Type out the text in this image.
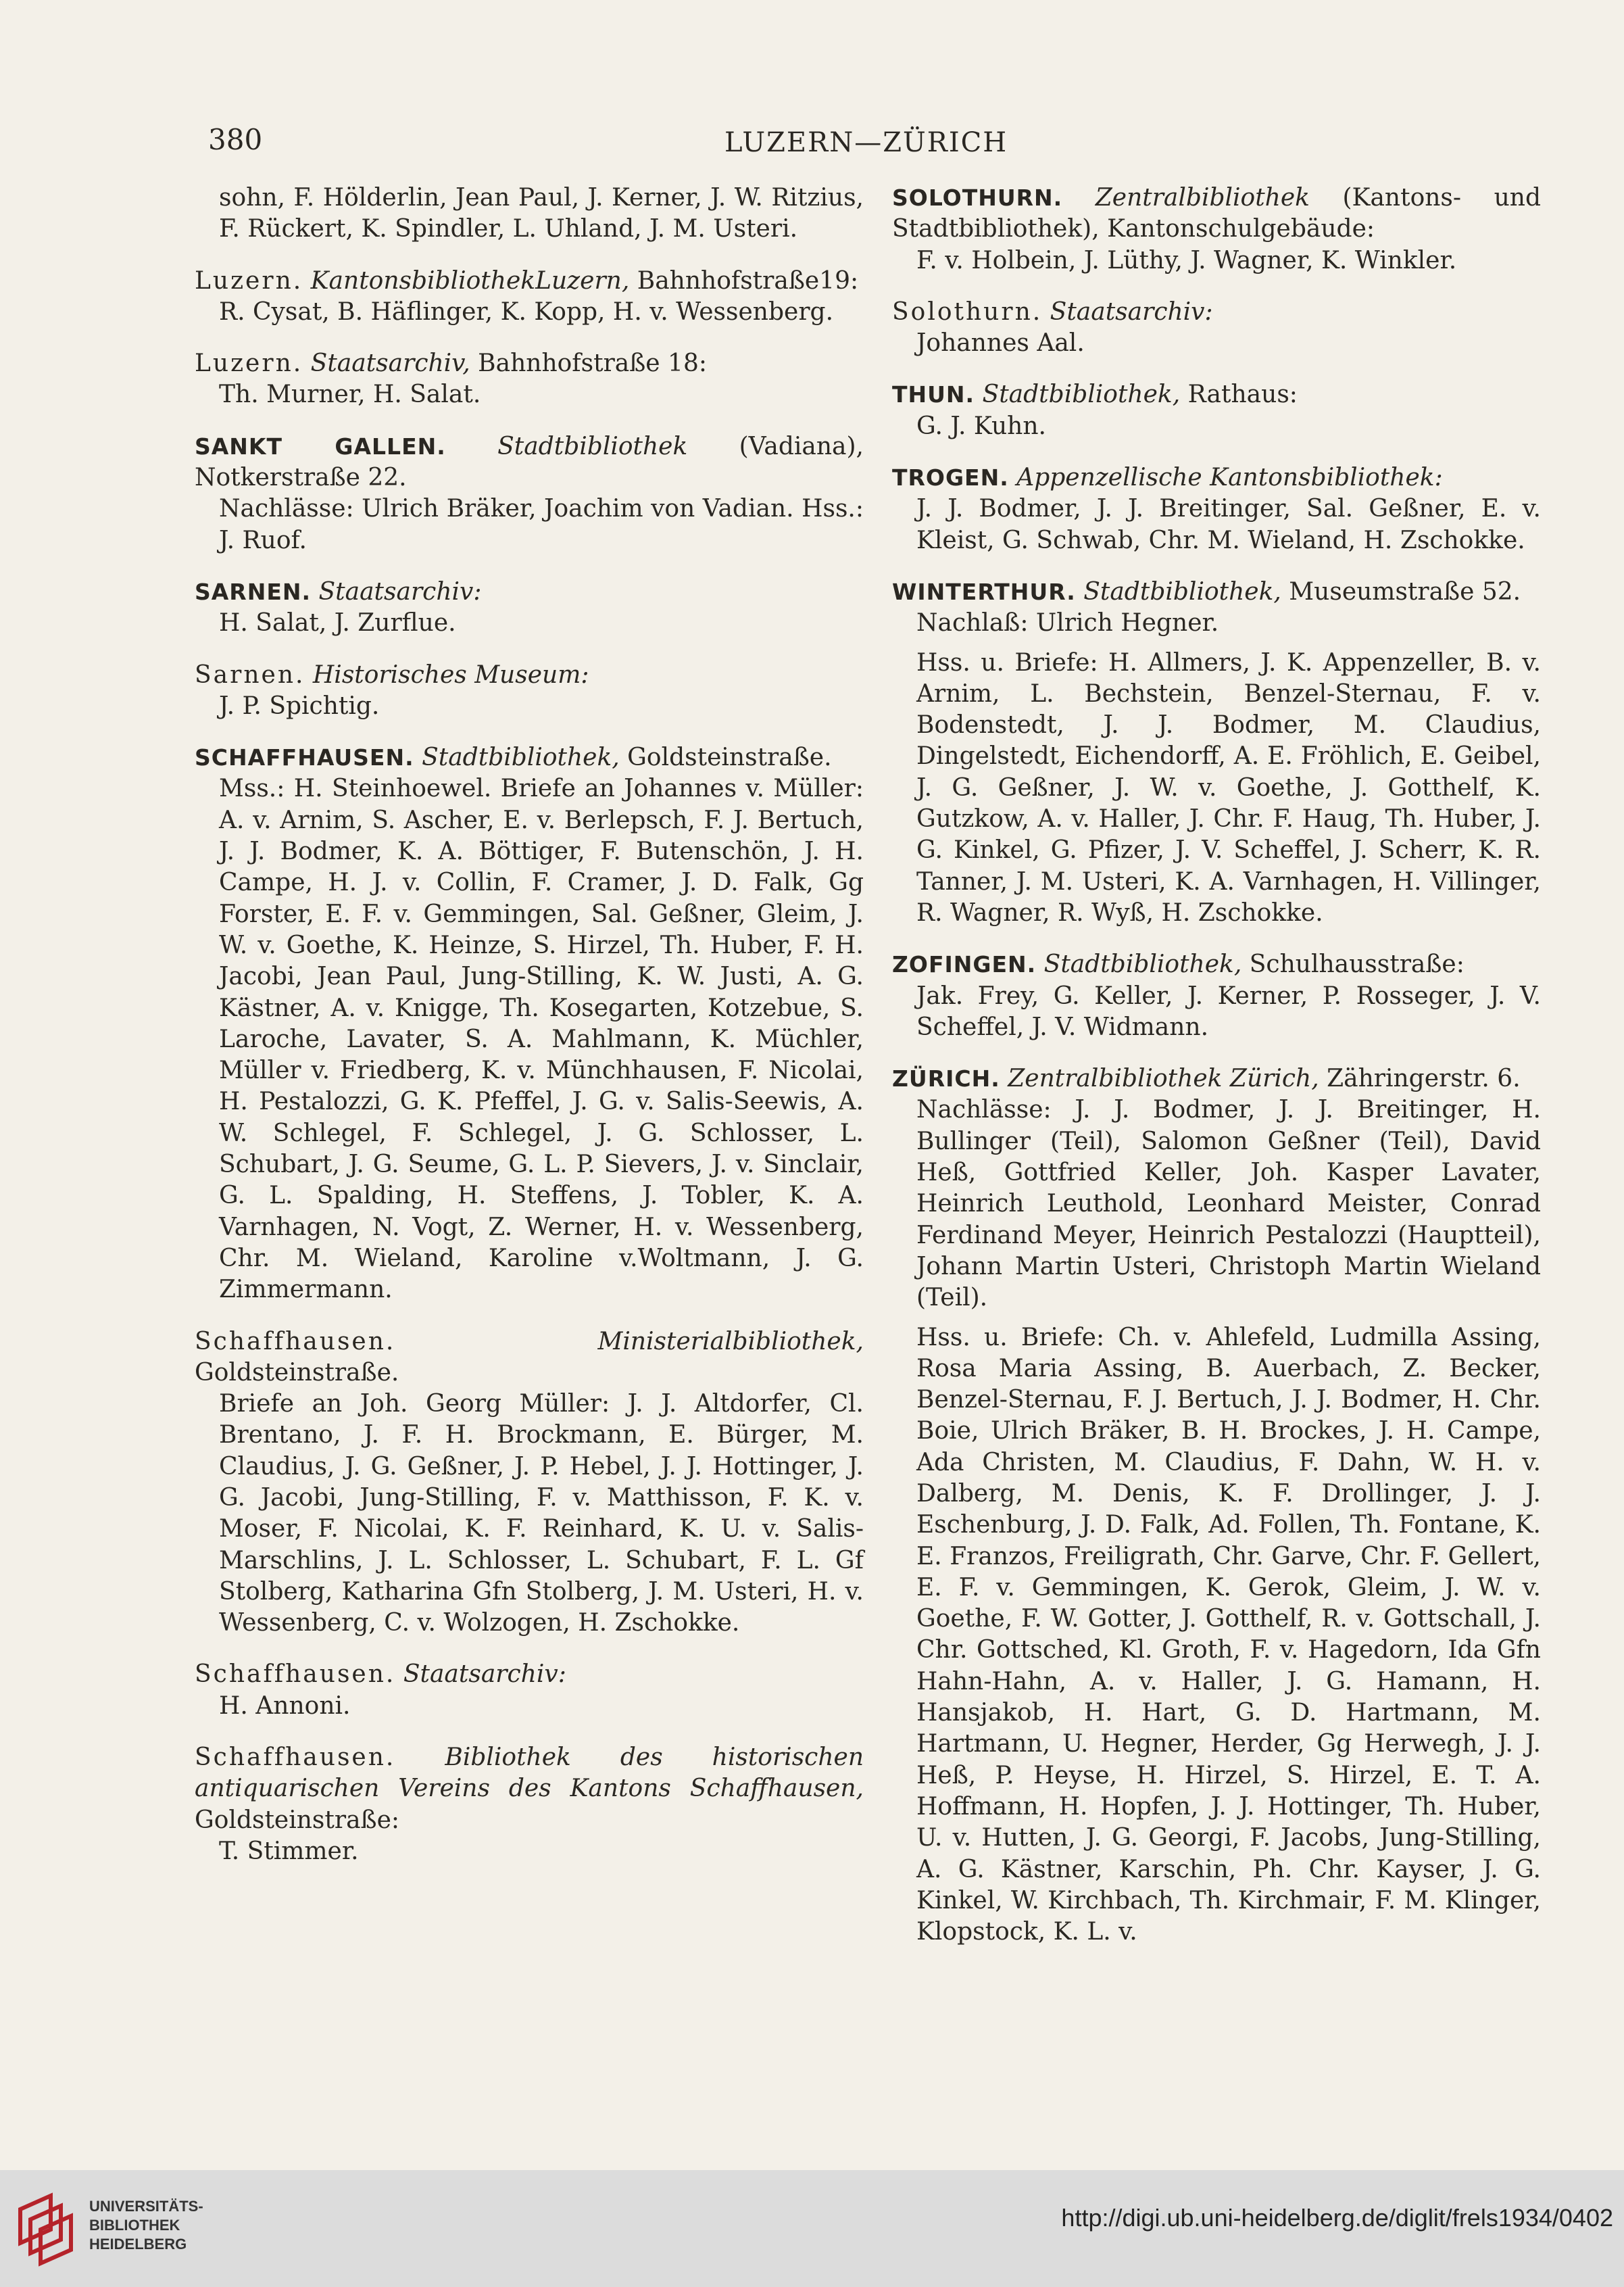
380	LUZERN—ZÜRICH
sohn, F. Hölderlin, Jean Paul, J. Kerner, J. W. Ritzius, F. Rückert, K. Spindler, L. Uhland, J. M. Usteri.
Luzern. KantonsbibliothekLuzern, Bahnhofstraße19:
R. Cysat, B. Häflinger, K. Kopp, H. v. Wessenberg.
Luzern. Staatsarchiv, Bahnhofstraße 18:
Th. Murner, H. Salat.
SANKT GALLEN. Stadtbibliothek (Vadiana), Notkerstraße 22.
Nachlässe: Ulrich Bräker, Joachim von Vadian. Hss.: J. Ruof.
SARNEN. Staatsarchiv:
H. Salat, J. Zurflue.
Sarnen. Historisches Museum:
J. P. Spichtig.
SCHAFFHAUSEN. Stadtbibliothek, Goldsteinstraße.
Mss.: H. Steinhoewel. Briefe an Johannes v. Müller: A. v. Arnim, S. Ascher, E. v. Berlepsch, F. J. Bertuch, J. J. Bodmer, K. A. Böttiger, F. Butenschön, J. H. Campe, H. J. v. Collin, F. Cramer, J. D. Falk, Gg Forster, E. F. v. Gemmingen, Sal. Geßner, Gleim, J. W. v. Goethe, K. Heinze, S. Hirzel, Th. Huber, F. H. Jacobi, Jean Paul, Jung-Stilling, K. W. Justi, A. G. Kästner, A. v. Knigge, Th. Kosegarten, Kotzebue, S. Laroche, Lavater, S. A. Mahlmann, K. Müchler, Müller v. Friedberg, K. v. Münchhausen, F. Nicolai, H. Pestalozzi, G. K. Pfeffel, J. G. v. Salis-Seewis, A. W. Schlegel, F. Schlegel, J. G. Schlosser, L. Schubart, J. G. Seume, G. L. P. Sievers, J. v. Sinclair, G. L. Spalding, H. Steffens, J. Tobler, K. A. Varnhagen, N. Vogt, Z. Werner, H. v. Wessenberg, Chr. M. Wieland, Karoline v.Woltmann, J. G. Zimmermann.
Schaffhausen.	Ministerialbibliothek, Goldsteinstraße.
Briefe an Joh. Georg Müller: J. J. Altdorfer, Cl. Brentano, J. F. H. Brockmann, E. Bürger, M. Claudius, J. G. Geßner, J. P. Hebel, J. J. Hottinger, J. G. Jacobi, Jung-Stilling, F. v. Matthisson, F. K. v. Moser, F. Nicolai, K. F. Reinhard, K. U. v. Salis-Marschlins, J. L. Schlosser, L. Schubart, F. L. Gf Stolberg, Katharina Gfn Stolberg, J. M. Usteri, H. v. Wessenberg, C. v. Wolzogen, H. Zschokke.
Schaffhausen. Staatsarchiv:
H. Annoni.
Schaffhausen. Bibliothek des historischen antiquarischen Vereins des Kantons Schaffhausen, Goldsteinstraße:
T. Stimmer.
SOLOTHURN. Zentralbibliothek (Kantons- und Stadtbibliothek), Kantonschulgebäude:
F. v. Holbein, J. Lüthy, J. Wagner, K. Winkler.
Solothurn. Staatsarchiv:
Johannes Aal.
THUN. Stadtbibliothek, Rathaus:
G. J. Kuhn.
TROGEN. Appenzellische Kantonsbibliothek:
J. J. Bodmer, J. J. Breitinger, Sal. Geßner, E. v. Kleist, G. Schwab, Chr. M. Wieland, H. Zschokke.
WINTERTHUR. Stadtbibliothek, Museumstraße 52.
Nachlaß: Ulrich Hegner.
Hss. u. Briefe: H. Allmers, J. K. Appenzeller, B. v. Arnim, L. Bechstein, Benzel-Sternau, F. v. Bodenstedt, J. J. Bodmer, M. Claudius, Dingelstedt, Eichendorff, A. E. Fröhlich, E. Geibel, J. G. Geßner, J. W. v. Goethe, J. Gotthelf, K. Gutzkow, A. v. Haller, J. Chr. F. Haug, Th. Huber, J. G. Kinkel, G. Pfizer, J. V. Scheffel, J. Scherr, K. R. Tanner, J. M. Usteri, K. A. Varnhagen, H. Villinger, R. Wagner, R. Wyß, H. Zschokke.
ZOFINGEN. Stadtbibliothek, Schulhausstraße:
Jak. Frey, G. Keller, J. Kerner, P. Rosseger, J. V. Scheffel, J. V. Widmann.
ZÜRICH. Zentralbibliothek Zürich, Zähringerstr. 6.
Nachlässe: J. J. Bodmer, J. J. Breitinger, H. Bullinger (Teil), Salomon Geßner (Teil), David Heß, Gottfried Keller, Joh. Kasper Lavater, Heinrich Leuthold, Leonhard Meister, Conrad Ferdinand Meyer, Heinrich Pestalozzi (Hauptteil), Johann Martin Usteri, Christoph Martin Wieland (Teil).
Hss. u. Briefe: Ch. v. Ahlefeld, Ludmilla Assing, Rosa Maria Assing, B. Auerbach, Z. Becker, Benzel-Sternau, F. J. Bertuch, J. J. Bodmer, H. Chr. Boie, Ulrich Bräker, B. H. Brockes, J. H. Campe, Ada Christen, M. Claudius, F. Dahn, W. H. v. Dalberg, M. Denis, K. F. Drollinger, J. J. Eschenburg, J. D. Falk, Ad. Follen, Th. Fontane, K. E. Franzos, Freiligrath, Chr. Garve, Chr. F. Gellert, E. F. v. Gemmingen, K. Gerok, Gleim, J. W. v. Goethe, F. W. Gotter, J. Gotthelf, R. v. Gottschall, J. Chr. Gottsched, Kl. Groth, F. v. Hagedorn, Ida Gfn Hahn-Hahn, A. v. Haller, J. G. Hamann, H. Hansjakob, H. Hart, G. D. Hartmann, M. Hartmann, U. Hegner, Herder, Gg Herwegh, J. J. Heß, P. Heyse, H. Hirzel, S. Hirzel, E. T. A. Hoffmann, H. Hopfen, J. J. Hottinger, Th. Huber, U. v. Hutten, J. G. Georgi, F. Jacobs, Jung-Stilling, A. G. Kästner, Karschin, Ph. Chr. Kayser, J. G. Kinkel, W. Kirchbach, Th. Kirchmair, F. M. Klinger, Klopstock, K. L. v.
UNIVERSITÄTS-
BIBLIOTHEK
HEIDELBERG
http://digi.ub.uni-heidelberg.de/diglit/frels1934/0402
